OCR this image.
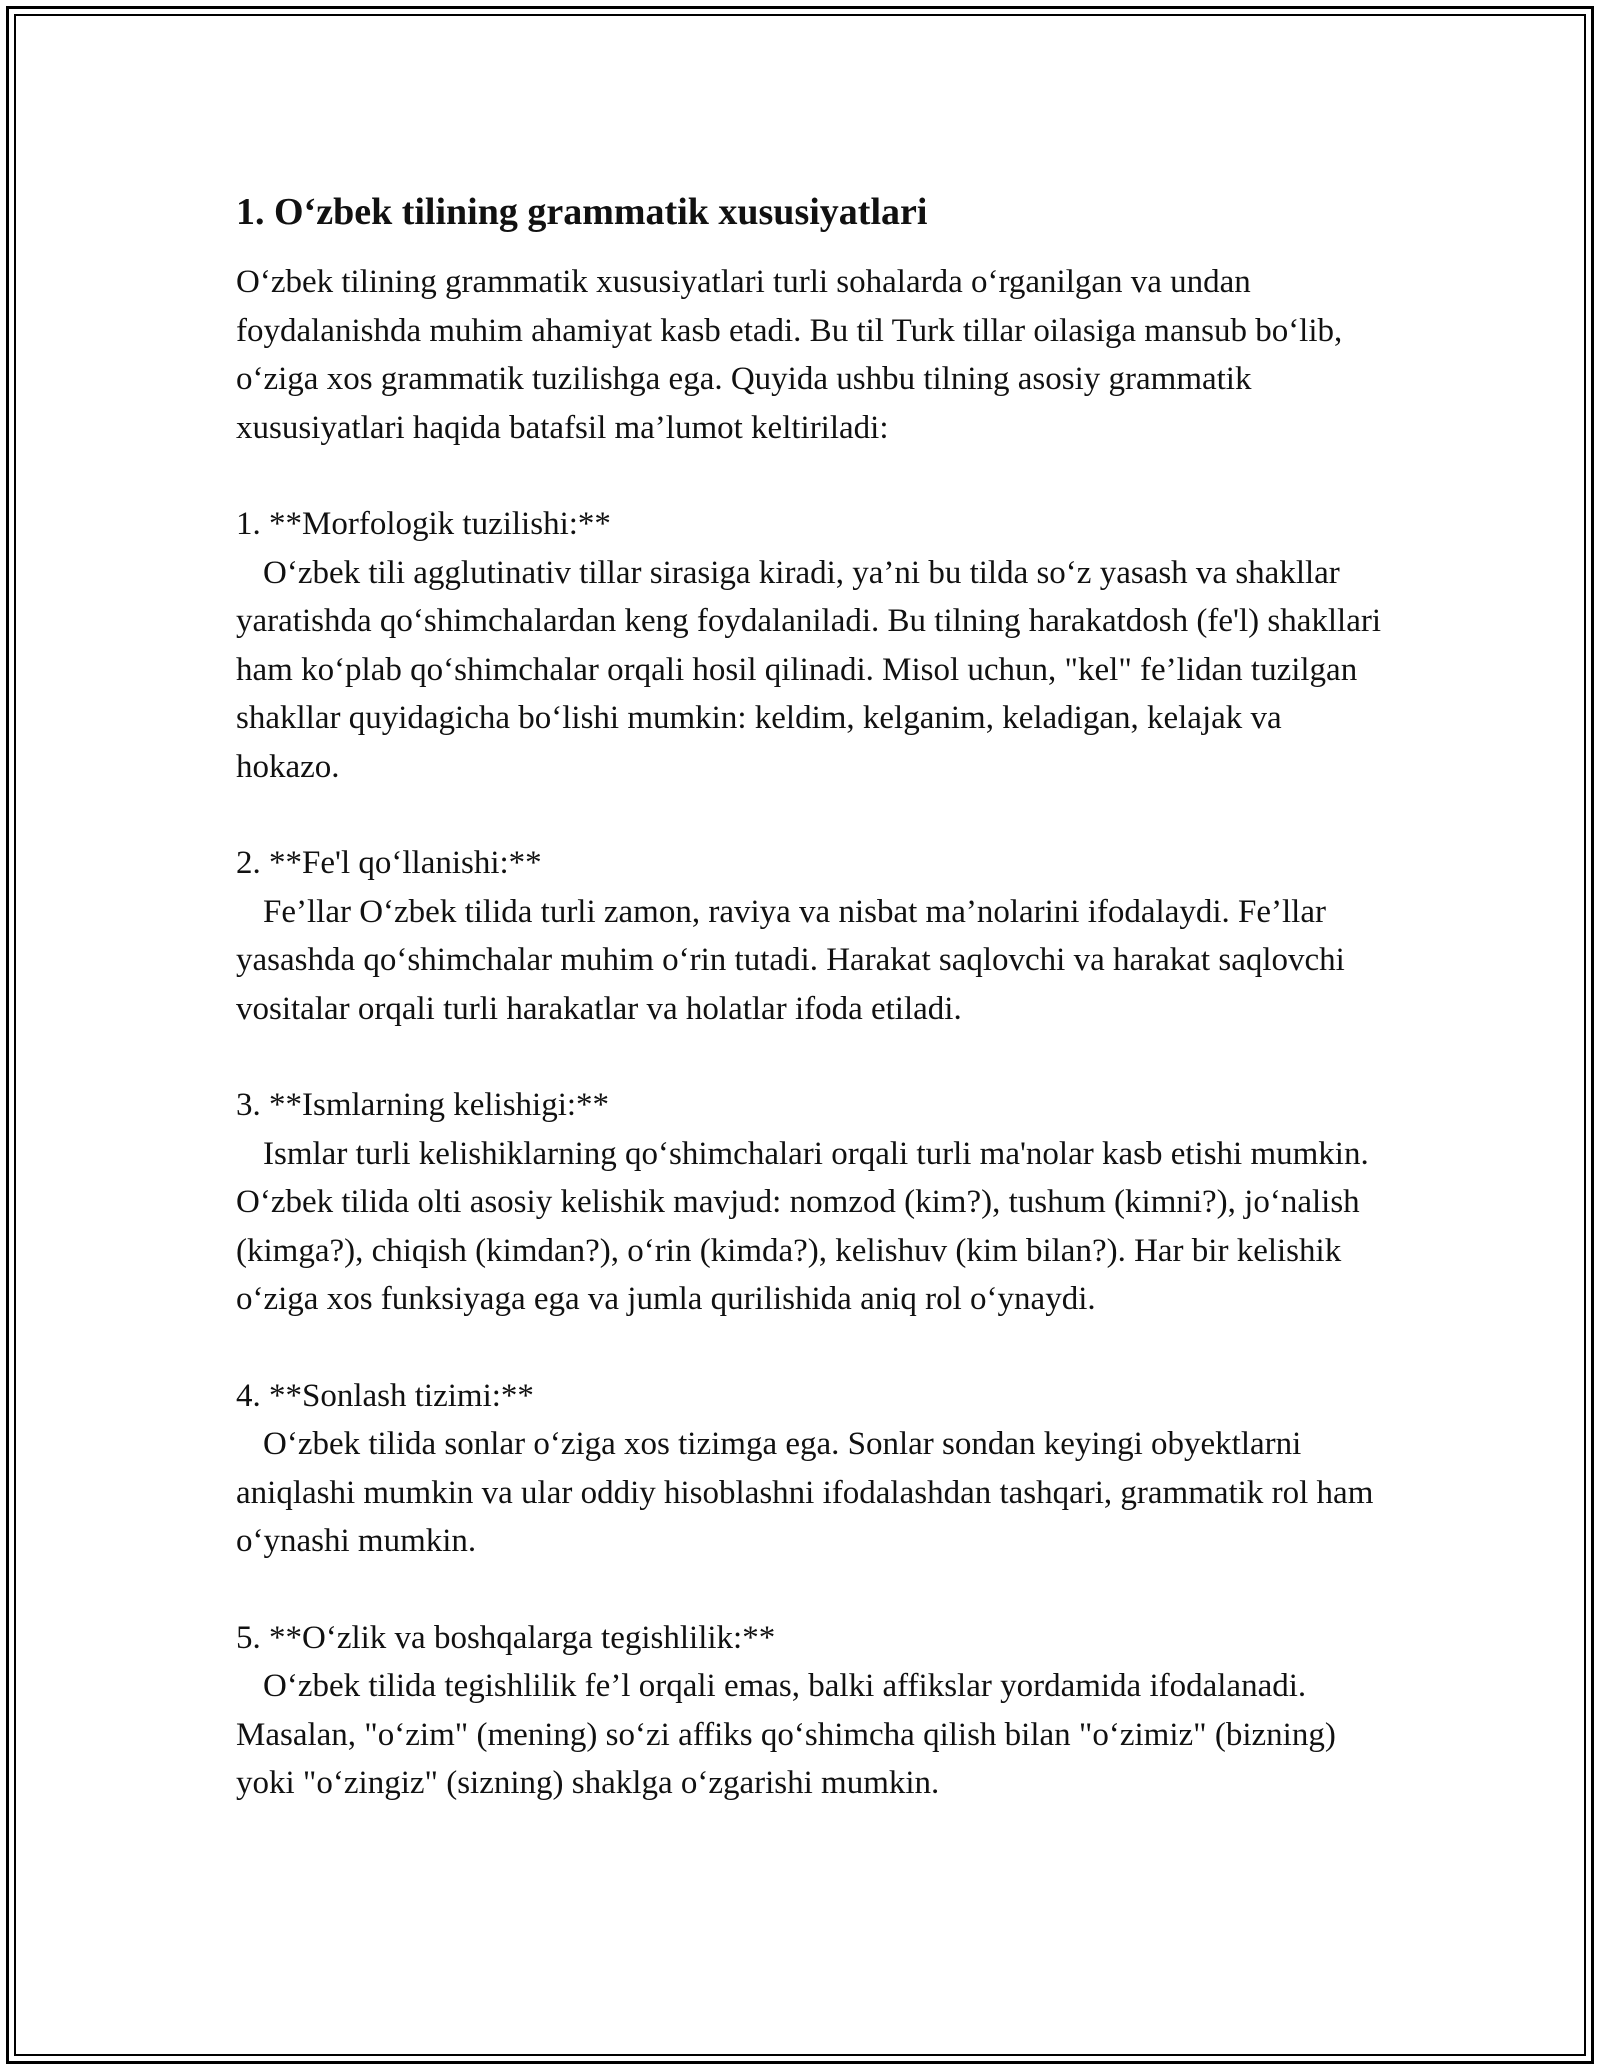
1. O‘zbek tilining grammatik xususiyatlari

O‘zbek tilining grammatik xususiyatlari turli sohalarda o‘rganilgan va undan foydalanishda muhim ahamiyat kasb etadi. Bu til Turk tillar oilasiga mansub bo‘lib, o‘ziga xos grammatik tuzilishga ega. Quyida ushbu tilning asosiy grammatik xususiyatlari haqida batafsil ma’lumot keltiriladi:

1. **Morfologik tuzilishi:**

O‘zbek tili agglutinativ tillar sirasiga kiradi, ya’ni bu tilda so‘z yasash va shakllar yaratishda qo‘shimchalardan keng foydalaniladi. Bu tilning harakatdosh (fe'l) shakllari ham ko‘plab qo‘shimchalar orqali hosil qilinadi. Misol uchun, "kel" fe’lidan tuzilgan shakllar quyidagicha bo‘lishi mumkin: keldim, kelganim, keladigan, kelajak va hokazo.

2. **Fe'l qo‘llanishi:**

Fe’llar O‘zbek tilida turli zamon, raviya va nisbat ma’nolarini ifodalaydi. Fe’llar yasashda qo‘shimchalar muhim o‘rin tutadi. Harakat saqlovchi va harakat saqlovchi vositalar orqali turli harakatlar va holatlar ifoda etiladi.

3. **Ismlarning kelishigi:**

Ismlar turli kelishiklarning qo‘shimchalari orqali turli ma'nolar kasb etishi mumkin. O‘zbek tilida olti asosiy kelishik mavjud: nomzod (kim?), tushum (kimni?), jo‘nalish (kimga?), chiqish (kimdan?), o‘rin (kimda?), kelishuv (kim bilan?). Har bir kelishik o‘ziga xos funksiyaga ega va jumla qurilishida aniq rol o‘ynaydi.

4. **Sonlash tizimi:**

O‘zbek tilida sonlar o‘ziga xos tizimga ega. Sonlar sondan keyingi obyektlarni aniqlashi mumkin va ular oddiy hisoblashni ifodalashdan tashqari, grammatik rol ham o‘ynashi mumkin.

5. **O‘zlik va boshqalarga tegishlilik:**

O‘zbek tilida tegishlilik fe’l orqali emas, balki affikslar yordamida ifodalanadi. Masalan, "o‘zim" (mening) so‘zi affiks qo‘shimcha qilish bilan "o‘zimiz" (bizning) yoki "o‘zingiz" (sizning) shaklga o‘zgarishi mumkin.
